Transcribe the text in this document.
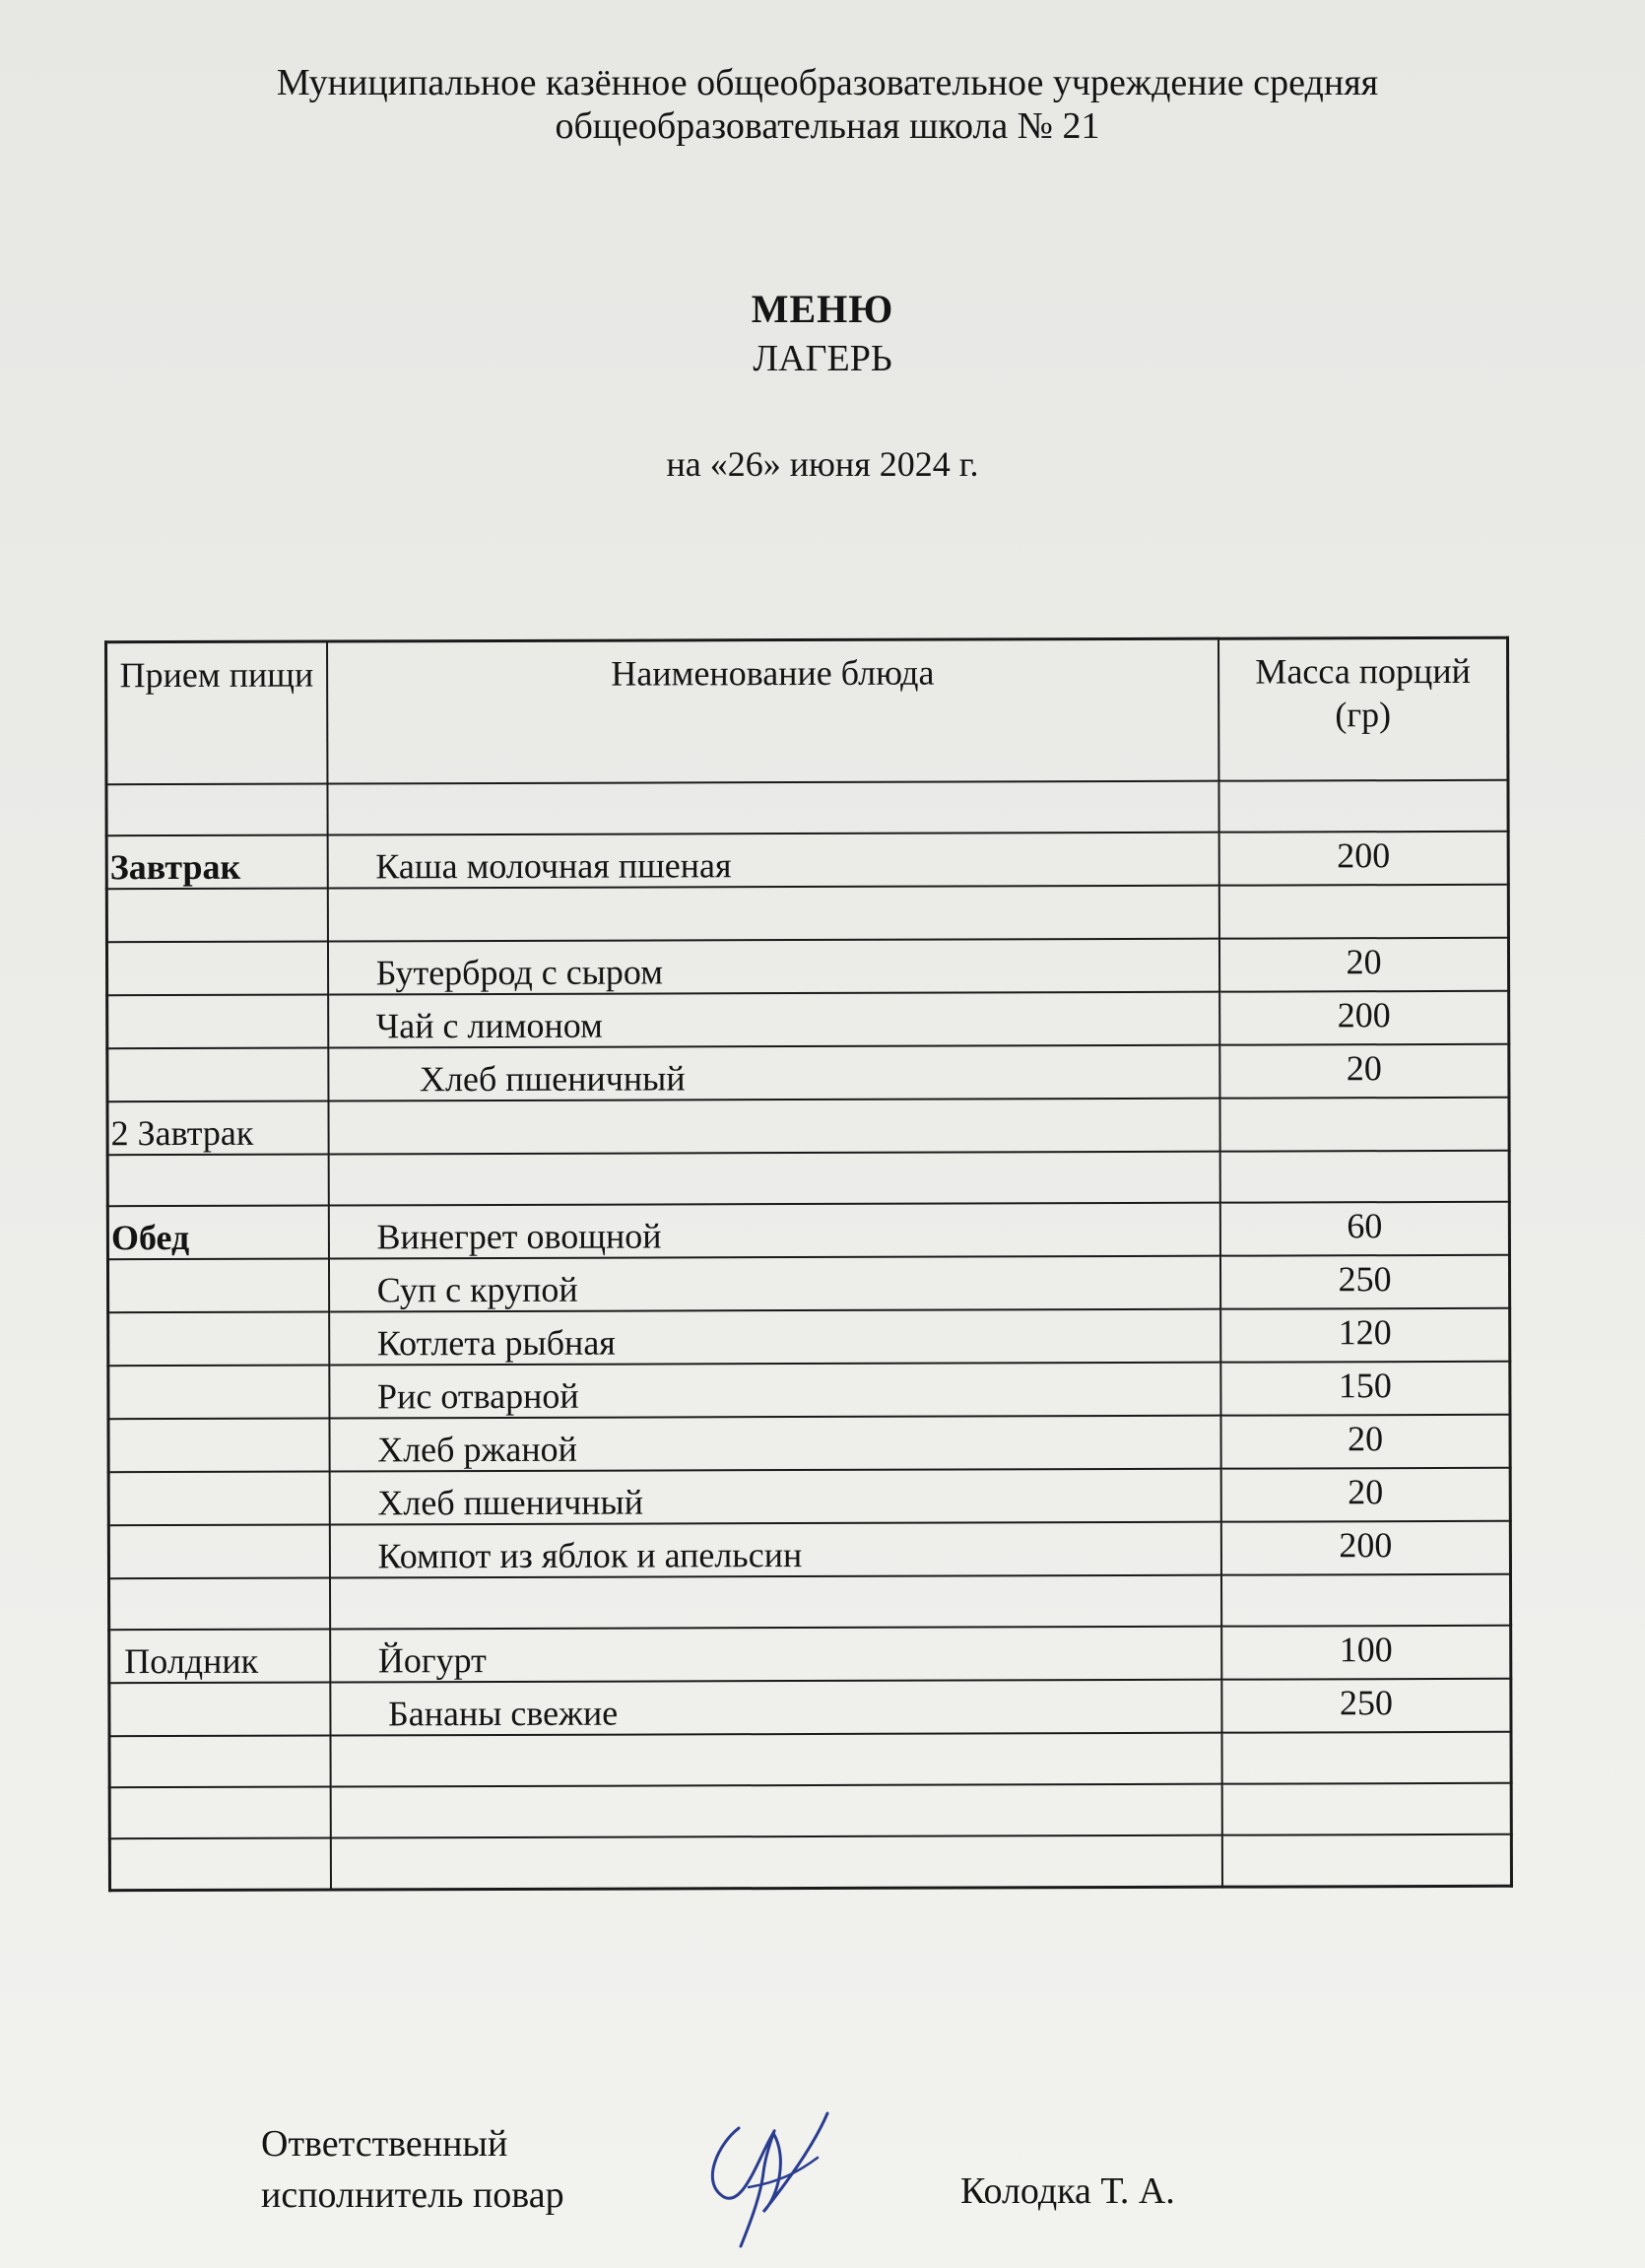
Муниципальное казённое общеобразовательное учреждение средняя
общеобразовательная школа № 21
МЕНЮ
ЛАГЕРЬ
на «26» июня 2024 г.
Прием пищи	Наименование блюда	Масса порций (гр)

Завтрак	Каша молочная пшеная	200

	Бутерброд с сыром	20
	Чай с лимоном	200
	Хлеб пшеничный	20
2 Завтрак		

Обед	Винегрет овощной	60
	Суп с крупой	250
	Котлета рыбная	120
	Рис отварной	150
	Хлеб ржаной	20
	Хлеб пшеничный	20
	Компот из яблок и апельсин	200

Полдник	Йогурт	100
	Бананы свежие	250

Ответственный
исполнитель повар	Колодка Т. А.
